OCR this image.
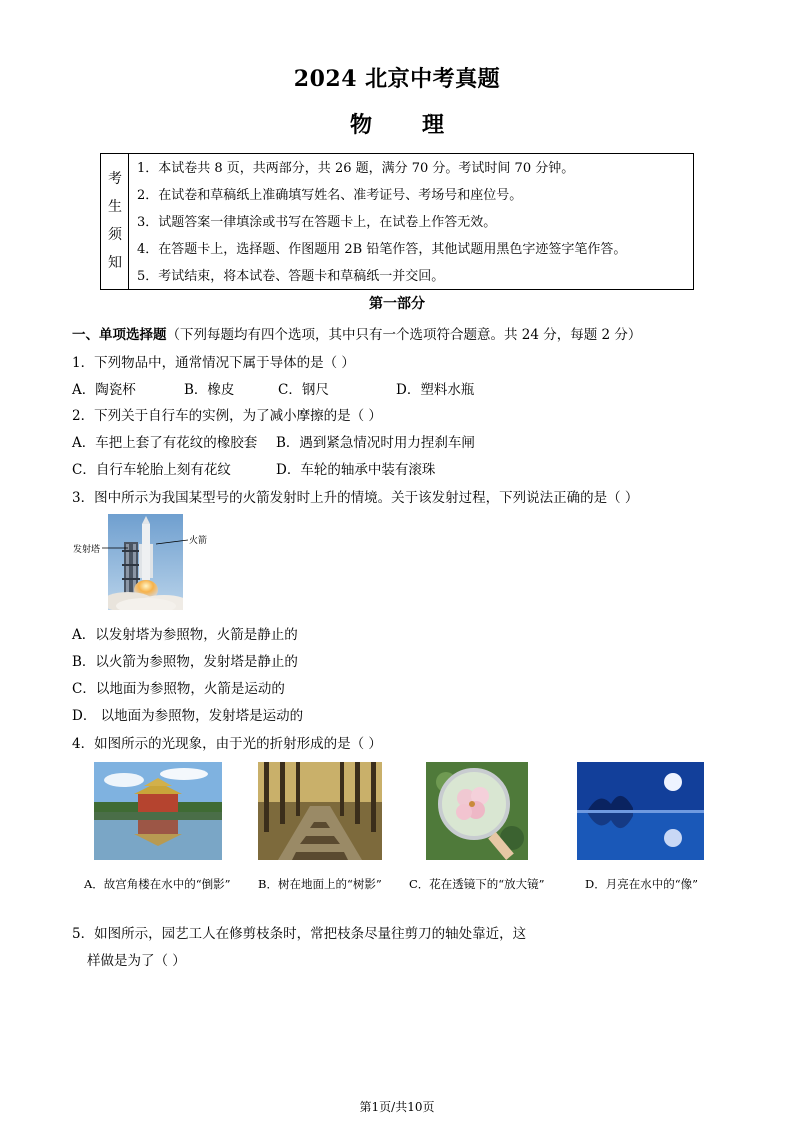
2024 北京中考真题
物 理
考
生
须
知
1．本试卷共 8 页，共两部分，共 26 题，满分 70 分。考试时间 70 分钟。
2．在试卷和草稿纸上准确填写姓名、准考证号、考场号和座位号。
3．试题答案一律填涂或书写在答题卡上，在试卷上作答无效。
4．在答题卡上，选择题、作图题用 2B 铅笔作答，其他试题用黑色字迹签字笔作答。
5．考试结束，将本试卷、答题卡和草稿纸一并交回。
第一部分
一、单项选择题（下列每题均有四个选项，其中只有一个选项符合题意。共 24 分，每题 2 分）
1．下列物品中，通常情况下属于导体的是（ ）
A．陶瓷杯	B．橡皮	C．钢尺	D．塑料水瓶
2．下列关于自行车的实例，为了减小摩擦的是（ ）
A．车把上套了有花纹的橡胶套 B．遇到紧急情况时用力捏刹车闸
C．自行车轮胎上刻有花纹	D．车轮的轴承中装有滚珠
3．图中所示为我国某型号的火箭发射时上升的情境。关于该发射过程，下列说法正确的是（ ）
发射塔
火箭
A．以发射塔为参照物，火箭是静止的
B．以火箭为参照物，发射塔是静止的
C．以地面为参照物，火箭是运动的
D． 以地面为参照物，发射塔是运动的
4．如图所示的光现象，由于光的折射形成的是（ ）
A．故宫角楼在水中的“倒影” B．树在地面上的“树影” C．花在透镜下的“放大镜”	D．月亮在水中的“像”
5．如图所示，园艺工人在修剪枝条时，常把枝条尽量往剪刀的轴处靠近，这
样做是为了（ ）
第1页/共10页
